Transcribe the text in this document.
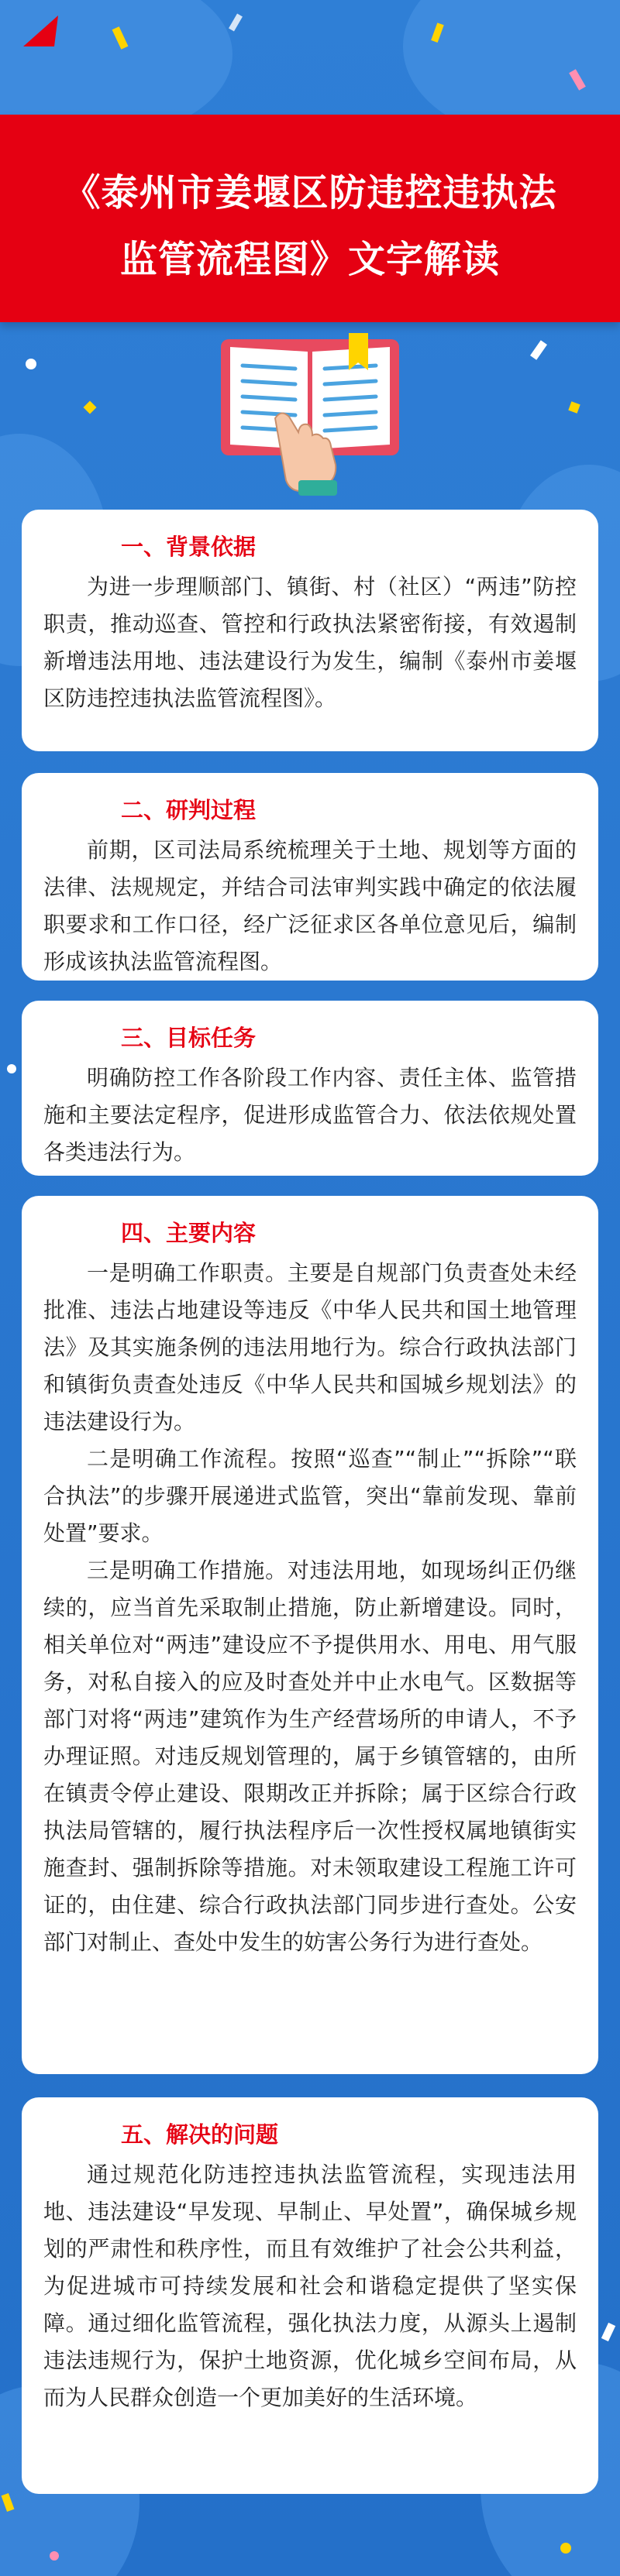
《泰州市姜堰区防违控违执法
监管流程图》文字解读
一、背景依据

为进一步理顺部门、镇街、村（社区）“两违”防控职责，推动巡查、管控和行政执法紧密衔接，有效遏制新增违法用地、违法建设行为发生，编制《泰州市姜堰区防违控违执法监管流程图》。

二、研判过程

前期，区司法局系统梳理关于土地、规划等方面的法律、法规规定，并结合司法审判实践中确定的依法履职要求和工作口径，经广泛征求区各单位意见后，编制形成该执法监管流程图。

三、目标任务

明确防控工作各阶段工作内容、责任主体、监管措施和主要法定程序，促进形成监管合力、依法依规处置各类违法行为。

四、主要内容

一是明确工作职责。主要是自规部门负责查处未经批准、违法占地建设等违反《中华人民共和国土地管理法》及其实施条例的违法用地行为。综合行政执法部门和镇街负责查处违反《中华人民共和国城乡规划法》的违法建设行为。

二是明确工作流程。按照“巡查”“制止”“拆除”“联合执法”的步骤开展递进式监管，突出“靠前发现、靠前处置”要求。

三是明确工作措施。对违法用地，如现场纠正仍继续的，应当首先采取制止措施，防止新增建设。同时，相关单位对“两违”建设应不予提供用水、用电、用气服务，对私自接入的应及时查处并中止水电气。区数据等部门对将“两违”建筑作为生产经营场所的申请人，不予办理证照。对违反规划管理的，属于乡镇管辖的，由所在镇责令停止建设、限期改正并拆除；属于区综合行政执法局管辖的，履行执法程序后一次性授权属地镇街实施查封、强制拆除等措施。对未领取建设工程施工许可证的，由住建、综合行政执法部门同步进行查处。公安部门对制止、查处中发生的妨害公务行为进行查处。

五、解决的问题

通过规范化防违控违执法监管流程，实现违法用地、违法建设“早发现、早制止、早处置”，确保城乡规划的严肃性和秩序性，而且有效维护了社会公共利益，为促进城市可持续发展和社会和谐稳定提供了坚实保障。通过细化监管流程，强化执法力度，从源头上遏制违法违规行为，保护土地资源，优化城乡空间布局，从而为人民群众创造一个更加美好的生活环境。
